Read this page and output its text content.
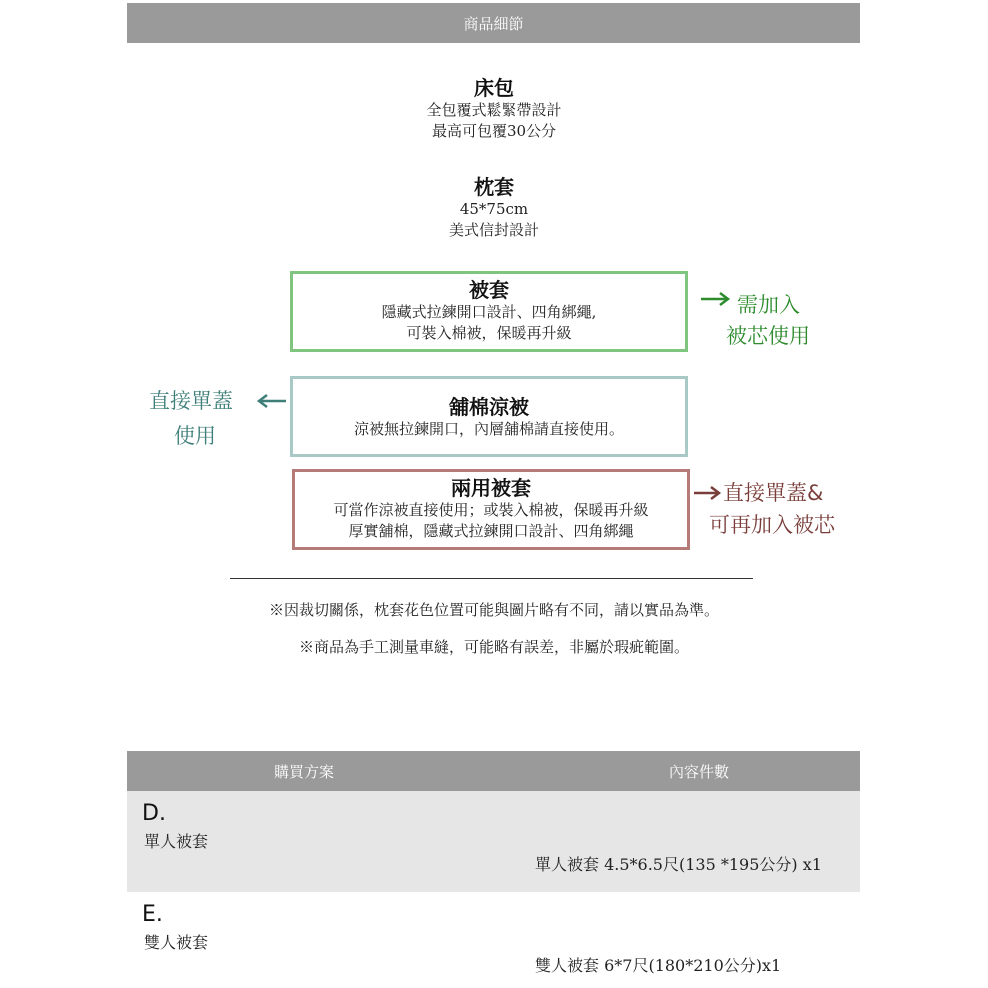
商品細節
床包
全包覆式鬆緊帶設計
最高可包覆30公分
枕套
45*75cm
美式信封設計
被套
隱藏式拉鍊開口設計、四角綁繩,
可裝入棉被，保暖再升級
需加入
被芯使用
舖棉涼被
涼被無拉鍊開口，內層舖棉請直接使用。
直接單蓋
使用
兩用被套
可當作涼被直接使用；或裝入棉被，保暖再升級
厚實舖棉，隱藏式拉鍊開口設計、四角綁繩
直接單蓋&
可再加入被芯
※因裁切關係，枕套花色位置可能與圖片略有不同，請以實品為準。
※商品為手工測量車縫，可能略有誤差，非屬於瑕疵範圍。
購買方案	內容件數
D.
單人被套
單人被套 4.5*6.5尺(135 *195公分) x1
E.
雙人被套
雙人被套 6*7尺(180*210公分)x1
